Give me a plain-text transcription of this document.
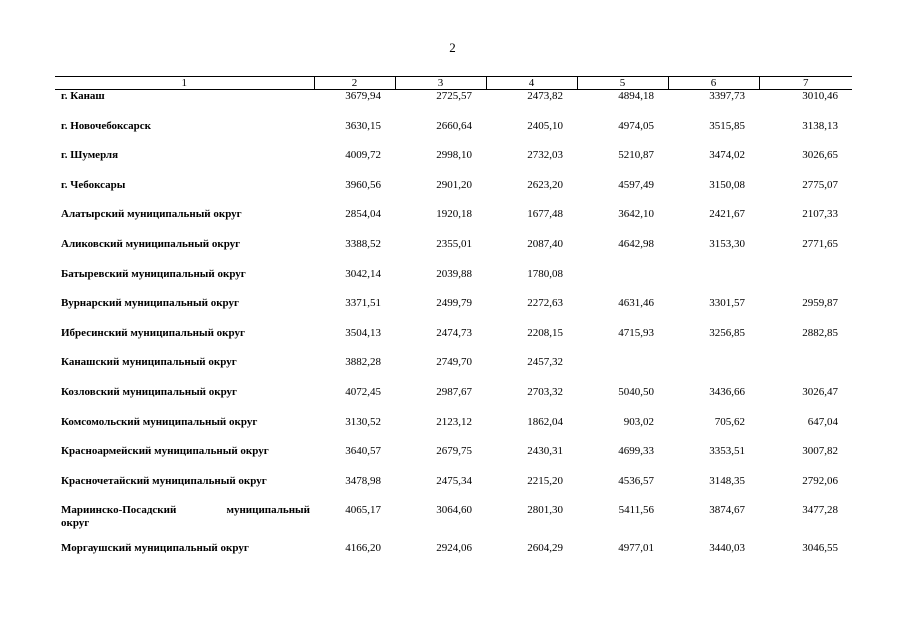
2
1	2	3	4	5	6	7
г. Канаш	3679,94	2725,57	2473,82	4894,18	3397,73	3010,46
г. Новочебоксарск	3630,15	2660,64	2405,10	4974,05	3515,85	3138,13
г. Шумерля	4009,72	2998,10	2732,03	5210,87	3474,02	3026,65
г. Чебоксары	3960,56	2901,20	2623,20	4597,49	3150,08	2775,07
Алатырский муниципальный округ	2854,04	1920,18	1677,48	3642,10	2421,67	2107,33
Аликовский муниципальный округ	3388,52	2355,01	2087,40	4642,98	3153,30	2771,65
Батыревский муниципальный округ	3042,14	2039,88	1780,08			
Вурнарский муниципальный округ	3371,51	2499,79	2272,63	4631,46	3301,57	2959,87
Ибресинский муниципальный округ	3504,13	2474,73	2208,15	4715,93	3256,85	2882,85
Канашский муниципальный округ	3882,28	2749,70	2457,32			
Козловский муниципальный округ	4072,45	2987,67	2703,32	5040,50	3436,66	3026,47
Комсомольский муниципальный округ	3130,52	2123,12	1862,04	903,02	705,62	647,04
Красноармейский муниципальный округ	3640,57	2679,75	2430,31	4699,33	3353,51	3007,82
Красночетайский муниципальный округ	3478,98	2475,34	2215,20	4536,57	3148,35	2792,06

Мариинско-Посадский муниципальный
округ	4065,17	3064,60	2801,30	5411,56	3874,67	3477,28
Моргаушский муниципальный округ	4166,20	2924,06	2604,29	4977,01	3440,03	3046,55
